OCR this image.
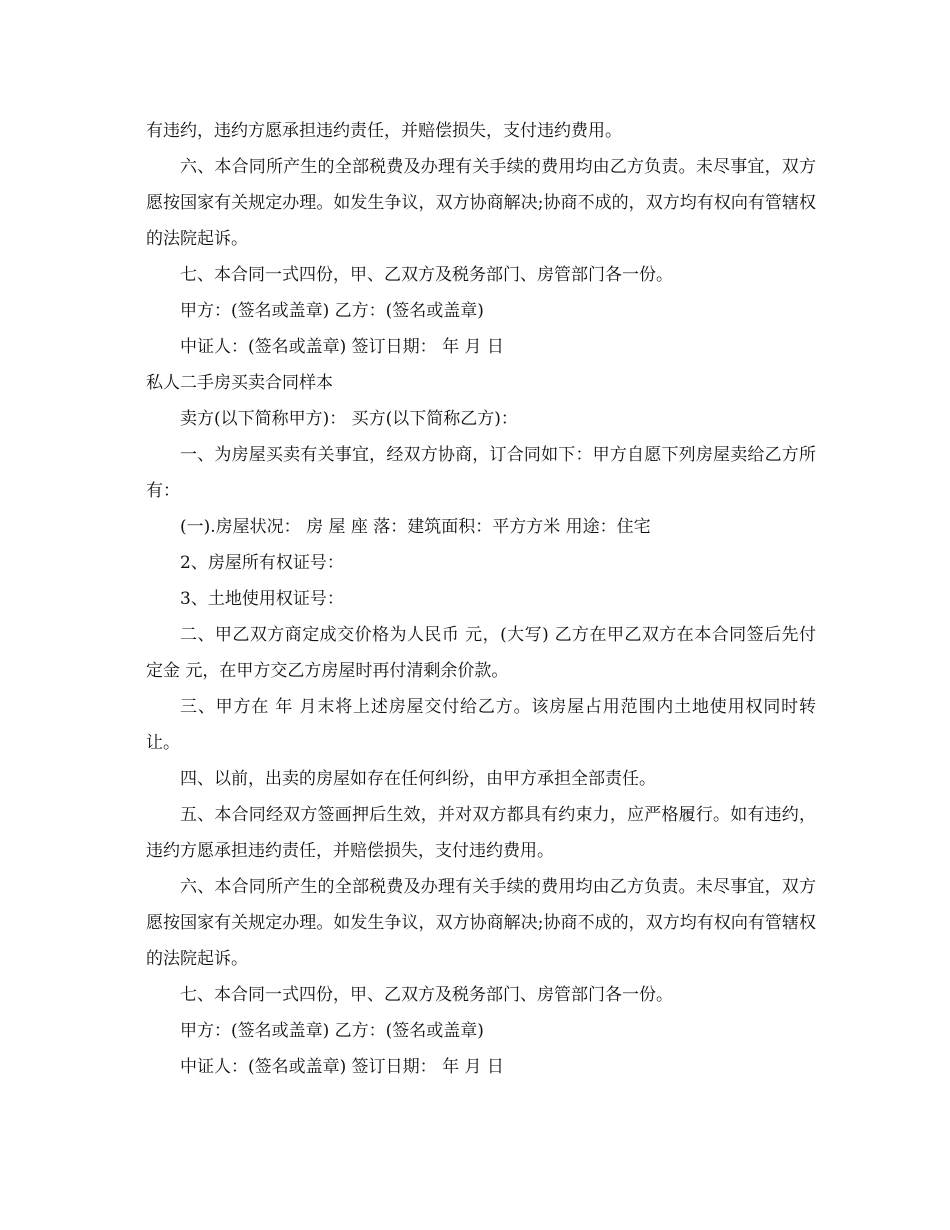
有违约，违约方愿承担违约责任，并赔偿损失，支付违约费用。

六、本合同所产生的全部税费及办理有关手续的费用均由乙方负责。未尽事宜，双方愿按国家有关规定办理。如发生争议，双方协商解决;协商不成的，双方均有权向有管辖权的法院起诉。

七、本合同一式四份，甲、乙双方及税务部门、房管部门各一份。

甲方：(签名或盖章) 乙方：(签名或盖章)

中证人：(签名或盖章) 签订日期： 年 月 日

私人二手房买卖合同样本

卖方(以下简称甲方)： 买方(以下简称乙方)：

一、为房屋买卖有关事宜，经双方协商，订合同如下：甲方自愿下列房屋卖给乙方所有：

(一).房屋状况： 房 屋 座 落：建筑面积：平方方米 用途：住宅

2、房屋所有权证号：

3、土地使用权证号：

二、甲乙双方商定成交价格为人民币 元，(大写) 乙方在甲乙双方在本合同签后先付定金 元，在甲方交乙方房屋时再付清剩余价款。

三、甲方在 年 月末将上述房屋交付给乙方。该房屋占用范围内土地使用权同时转让。

四、以前，出卖的房屋如存在任何纠纷，由甲方承担全部责任。

五、本合同经双方签画押后生效，并对双方都具有约束力，应严格履行。如有违约，违约方愿承担违约责任，并赔偿损失，支付违约费用。

六、本合同所产生的全部税费及办理有关手续的费用均由乙方负责。未尽事宜，双方愿按国家有关规定办理。如发生争议，双方协商解决;协商不成的，双方均有权向有管辖权的法院起诉。

七、本合同一式四份，甲、乙双方及税务部门、房管部门各一份。

甲方：(签名或盖章) 乙方：(签名或盖章)

中证人：(签名或盖章) 签订日期： 年 月 日
